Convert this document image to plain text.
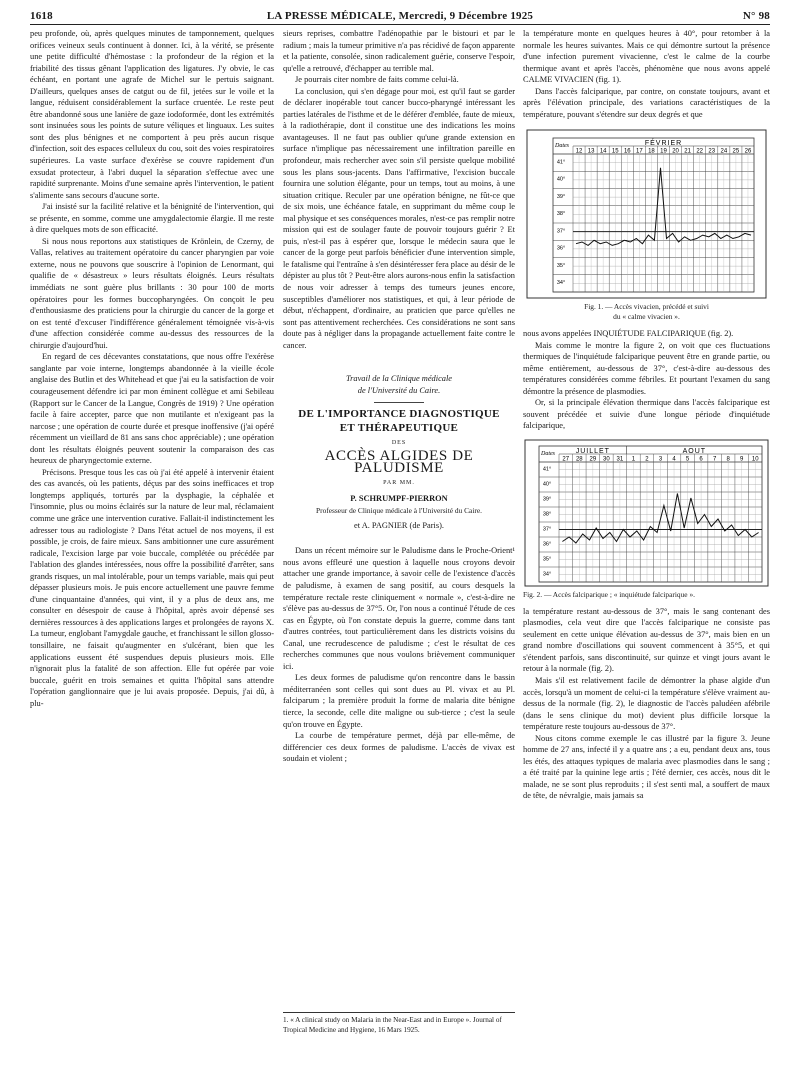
1618	LA PRESSE MÉDICALE, Mercredi, 9 Décembre 1925	N° 98

peu profonde, où, après quelques minutes de tamponnement, quelques orifices veineux seuls continuent à donner. Ici, à la vérité, se présente une petite difficulté d'hémostase : la profondeur de la région et la friabilité des tissus gênant l'application des ligatures. J'y obvie, le cas échéant, en portant une agrafe de Michel sur le pertuis saignant. D'ailleurs, quelques anses de catgut ou de fil, jetées sur le voile et la langue, réduisent considérablement la surface cruentée. Le reste peut être abandonné sous une lanière de gaze iodoformée, dont les extrémités sont insinuées sous les points de suture véliques et linguaux. Les suites sont des plus bénignes et ne comportent à peu près aucun risque d'infection, soit des espaces celluleux du cou, soit des voies respiratoires supérieures. La vaste surface d'exérèse se couvre rapidement d'un exsudat protecteur, à l'abri duquel la séparation s'effectue avec une rapidité surprenante. Moins d'une semaine après l'intervention, le patient s'alimente sans secours d'aucune sorte.

J'ai insisté sur la facilité relative et la bénignité de l'intervention, qui se présente, en somme, comme une amygdalectomie élargie. Il me reste à dire quelques mots de son efficacité.

Si nous nous reportons aux statistiques de Krönlein, de Czerny, de Vallas, relatives au traitement opératoire du cancer pharyngien par voie externe, nous ne pouvons que souscrire à l'opinion de Lenormant, qui qualifie de « désastreux » leurs résultats éloignés. Leurs résultats immédiats ne sont guère plus brillants : 30 pour 100 de morts opératoires pour les formes buccopharyngées. On conçoit le peu d'enthousiasme des praticiens pour la chirurgie du cancer de la gorge et on est tenté d'excuser l'indifférence généralement témoignée vis-à-vis d'une affection considérée comme au-dessus des ressources de la chirurgie d'aujourd'hui.

En regard de ces décevantes constatations, que nous offre l'exérèse sanglante par voie interne, longtemps abandonnée à la vieille école anglaise des Butlin et des Whitehead et que j'ai eu la satisfaction de voir courageusement défendre ici par mon éminent collègue et ami Sebileau (Rapport sur le Cancer de la Langue, Congrès de 1919) ? Une opération facile à faire accepter, parce que non mutilante et n'exigeant pas la narcose ; une opération de courte durée et presque inoffensive (j'ai opéré récemment un vieillard de 81 ans sans choc appréciable) ; une opération dont les résultats éloignés peuvent soutenir la comparaison des cas heureux de pharyngectomie externe.

Précisons. Presque tous les cas où j'ai été appelé à intervenir étaient des cas avancés, où les patients, déçus par des soins inefficaces et trop longtemps appliqués, torturés par la dysphagie, la céphalée et l'insomnie, plus ou moins éclairés sur la nature de leur mal, réclamaient comme une grâce une intervention curative. Fallait-il indistinctement les adresser tous au radiologiste ? Dans l'état actuel de nos moyens, il est possible, je crois, de faire mieux. Sans ambitionner une cure assurément radicale, l'excision large par voie buccale, complétée ou précédée par l'ablation des glandes intéressées, nous offre la possibilité d'arrêter, sans grands risques, un mal intolérable, pour un temps variable, mais qui peut dépasser plusieurs mois. Je puis encore actuellement une pauvre femme d'une cinquantaine d'années, qui vint, il y a plus de deux ans, me consulter en désespoir de cause à l'hôpital, après avoir dépensé ses dernières ressources à des applications larges et prolongées de rayons X. La tumeur, englobant l'amygdale gauche, et franchissant le sillon glosso-tonsillaire, ne faisait qu'augmenter en s'ulcérant, bien que les applications eussent été suspendues depuis plusieurs mois. Elle n'ignorait plus la fatalité de son affection. Elle fut opérée par voie buccale, guérit en trois semaines et quitta l'hôpital sans attendre l'opération ganglionnaire que je lui avais proposée. Depuis, j'ai dû, à plu-

sieurs reprises, combattre l'adénopathie par le bistouri et par le radium ; mais la tumeur primitive n'a pas récidivé de façon apparente et la patiente, consolée, sinon radicalement guérie, conserve l'espoir, qu'elle a retrouvé, d'échapper au terrible mal.

Je pourrais citer nombre de faits comme celui-là.

La conclusion, qui s'en dégage pour moi, est qu'il faut se garder de déclarer inopérable tout cancer bucco-pharyngé intéressant les parties latérales de l'isthme et de le déférer d'emblée, faute de mieux, à la radiothérapie, dont il constitue une des indications les moins avantageuses. Il ne faut pas oublier qu'une grande extension en surface n'implique pas nécessairement une infiltration pareille en profondeur, mais rechercher avec soin s'il persiste quelque mobilité sous les plans sous-jacents. Dans l'affirmative, l'excision buccale fournira une solution élégante, pour un temps, tout au moins, à une situation critique. Reculer par une opération bénigne, ne fût-ce que de six mois, une échéance fatale, en supprimant du même coup le mal physique et ses conséquences morales, n'est-ce pas remplir notre mission qui est de soulager faute de pouvoir toujours guérir ? Et puis, n'est-il pas à espérer que, lorsque le médecin saura que le cancer de la gorge peut parfois bénéficier d'une intervention simple, le fatalisme qui l'entraîne à s'en désintéresser fera place au désir de le dépister au plus tôt ? Peut-être alors aurons-nous enfin la satisfaction de nous voir adresser à temps des tumeurs jeunes encore, susceptibles d'améliorer nos statistiques, et qui, à leur période de début, n'échappent, d'ordinaire, au praticien que parce qu'elles ne sont pas attentivement recherchées. Ces considérations ne sont sans doute pas à négliger dans la propagande actuellement faite contre le cancer.

Travail de la Clinique médicale
de l'Université du Caire.
DE L'IMPORTANCE DIAGNOSTIQUE
ET THÉRAPEUTIQUE
DES
ACCÈS ALGIDES DE PALUDISME
PAR MM.
P. SCHRUMPF-PIERRON
Professeur de Clinique médicale à l'Université du Caire.
et A. PAGNIER (de Paris).

Dans un récent mémoire sur le Paludisme dans le Proche-Orient¹ nous avons effleuré une question à laquelle nous croyons devoir attacher une grande importance, à savoir celle de l'existence d'accès de paludisme, à examen de sang positif, au cours desquels la température rectale reste cliniquement « normale », c'est-à-dire ne s'élève pas au-dessus de 37°5. Or, l'on nous a continué l'étude de ces cas en Égypte, où l'on constate depuis la guerre, comme dans tant d'autres contrées, tout particulièrement dans les districts voisins du Canal, une recrudescence de paludisme ; c'est le résultat de ces recherches communes que nous voulons brièvement communiquer ici.

Les deux formes de paludisme qu'on rencontre dans le bassin méditerranéen sont celles qui sont dues au Pl. vivax et au Pl. falciparum ; la première produit la forme de malaria dite bénigne tierce, la seconde, celle dite maligne ou sub-tierce ; c'est la seule qu'on trouve en Égypte.

La courbe de température permet, déjà par elle-même, de différencier ces deux formes de paludisme. L'accès de vivax est soudain et violent ;

1. « A clinical study on Malaria in the Near-East and in Europe ». Journal of Tropical Medicine and Hygiene, 16 Mars 1925.

la température monte en quelques heures à 40°, pour retomber à la normale les heures suivantes. Mais ce qui démontre surtout la présence d'une infection purement vivacienne, c'est le calme de la courbe thermique avant et après l'accès, phénomène que nous avons appelé CALME VIVACIEN (fig. 1).

Dans l'accès falciparique, par contre, on constate toujours, avant et après l'élévation principale, des variations caractéristiques de la température, pouvant s'étendre sur deux degrés et que

FÉVRIER
Dates
12 13 14 15 16 17 18 19 20 21 22 23 24 25 26
41°
40°
39°
38°
37°
36°
35°
34°
Fig. 1. — Accès vivacien, précédé et suivi
du « calme vivacien ».

nous avons appelées INQUIÉTUDE FALCIPARIQUE (fig. 2).

Mais comme le montre la figure 2, on voit que ces fluctuations thermiques de l'inquiétude falciparique peuvent être en grande partie, ou même entièrement, au-dessous de 37°, c'est-à-dire au-dessous des températures considérées comme fébriles. Et pourtant l'examen du sang démontre la présence de plasmodies.

Or, si la principale élévation thermique dans l'accès falciparique est souvent précédée et suivie d'une longue période d'inquiétude falciparique,

JUILLET	AOUT
Dates
27 28 29 30 31 1 2 3 4 5 6 7 8 9 10
41°
40°
39°
38°
37°
36°
35°
34°
Fig. 2. — Accès falciparique ; « inquiétude falciparique ».

la température restant au-dessous de 37°, mais le sang contenant des plasmodies, cela veut dire que l'accès falciparique ne consiste pas seulement en cette unique élévation au-dessus de 37°, mais bien en un grand nombre d'oscillations qui souvent commencent à 35°5, et qui s'étendent parfois, sans discontinuité, sur quinze et vingt jours avant le retour à la normale (fig. 2).

Mais s'il est relativement facile de démontrer la phase algide d'un accès, lorsqu'à un moment de celui-ci la température s'élève vraiment au-dessus de la normale (fig. 2), le diagnostic de l'accès paludéen afébrile (dans le sens clinique du mot) devient plus difficile lorsque la température reste toujours au-dessous de 37°.

Nous citons comme exemple le cas illustré par la figure 3. Jeune homme de 27 ans, infecté il y a quatre ans ; a eu, pendant deux ans, tous les étés, des attaques typiques de malaria avec plasmodies dans le sang ; a été traité par la quinine lege artis ; l'été dernier, ces accès, nous dit le malade, ne se sont plus reproduits ; il s'est senti mal, a souffert de maux de tête, de névralgie, mais jamais sa
